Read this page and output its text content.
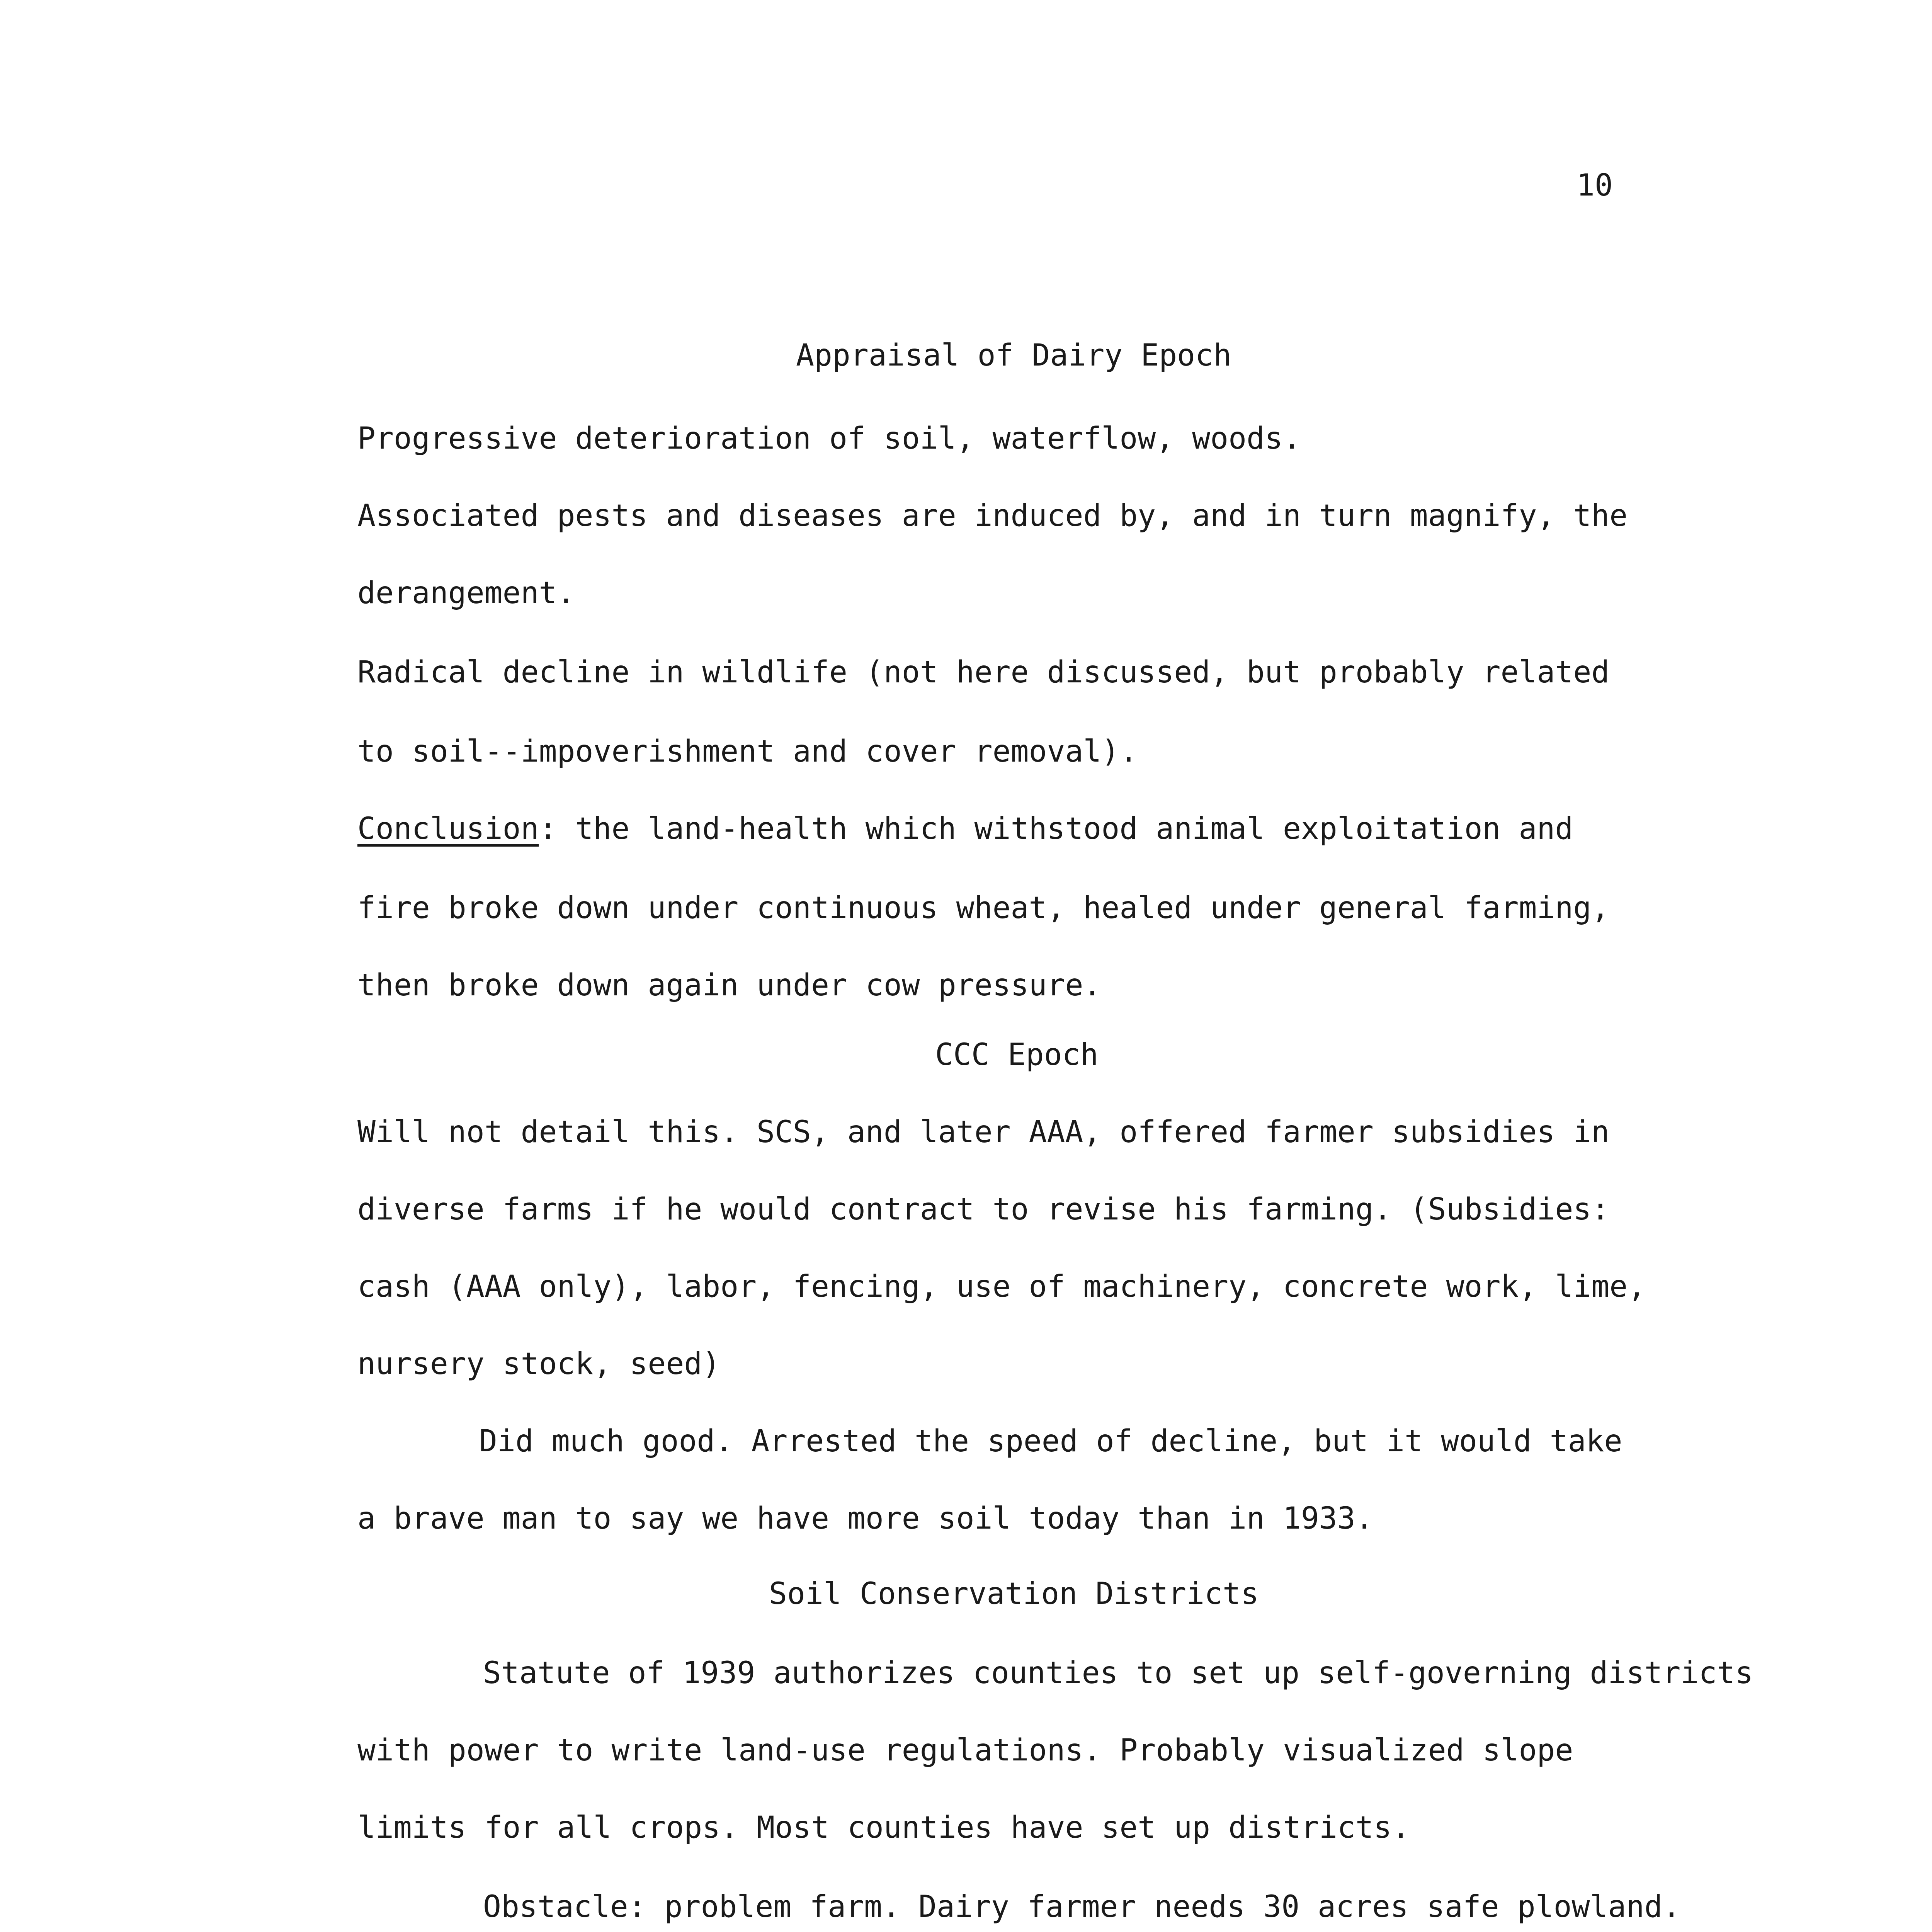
10
Appraisal of Dairy Epoch
Progressive deterioration of soil, waterflow, woods.
Associated pests and diseases are induced by, and in turn magnify, the
derangement.
Radical decline in wildlife (not here discussed, but probably related
to soil--impoverishment and cover removal).
Conclusion: the land-health which withstood animal exploitation and
fire broke down under continuous wheat, healed under general farming,
then broke down again under cow pressure.
CCC Epoch
Will not detail this. SCS, and later AAA, offered farmer subsidies in
diverse farms if he would contract to revise his farming. (Subsidies:
cash (AAA only), labor, fencing, use of machinery, concrete work, lime,
nursery stock, seed)
Did much good. Arrested the speed of decline, but it would take
a brave man to say we have more soil today than in 1933.
Soil Conservation Districts
Statute of 1939 authorizes counties to set up self-governing districts
with power to write land-use regulations. Probably visualized slope
limits for all crops. Most counties have set up districts.
Obstacle: problem farm. Dairy farmer needs 30 acres safe plowland.
